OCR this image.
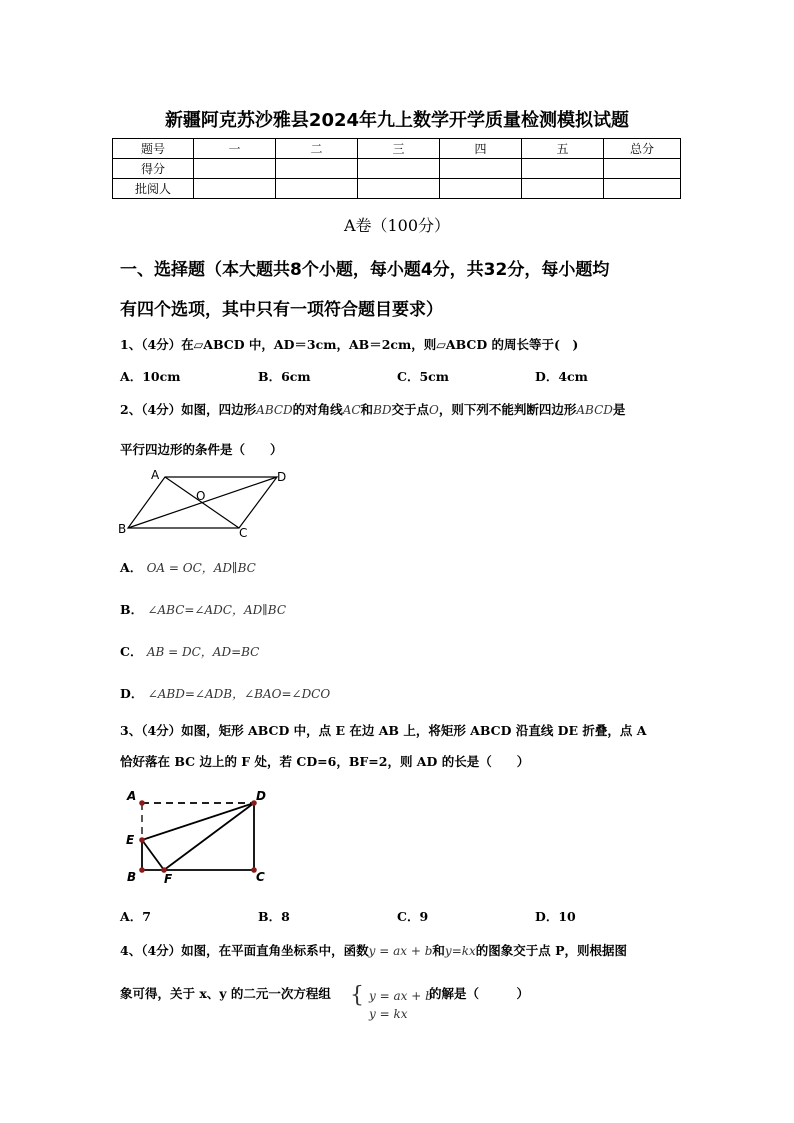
新疆阿克苏沙雅县2024年九上数学开学质量检测模拟试题
题号	一	二	三	四	五	总分
得分						
批阅人						
A卷（100分）
一、选择题（本大题共8个小题，每小题4分，共32分，每小题均
有四个选项，其中只有一项符合题目要求）
1、（4分）在▱ABCD 中，AD＝3cm，AB＝2cm，则▱ABCD 的周长等于(　)
A．10cm	B．6cm	C．5cm	D．4cm
2、（4分）如图，四边形ABCD的对角线AC和BD交于点O，则下列不能判断四边形ABCD是
平行四边形的条件是（　　）
A	D
O
B	C
A． OA = OC，AD∥BC
B． ∠ABC=∠ADC，AD∥BC
C． AB = DC，AD=BC
D． ∠ABD=∠ADB，∠BAO=∠DCO
3、（4分）如图，矩形 ABCD 中，点 E 在边 AB 上，将矩形 ABCD 沿直线 DE 折叠，点 A
恰好落在 BC 边上的 F 处，若 CD=6，BF=2，则 AD 的长是（　　）
A	D
E
B F	C
A．7	B．8	C．9	D．10
4、（4分）如图，在平面直角坐标系中，函数y = ax + b和y=kx的图象交于点 P，则根据图
象可得，关于 x、y 的二元一次方程组 { y = ax + b
y = kx
的解是（　　　）
